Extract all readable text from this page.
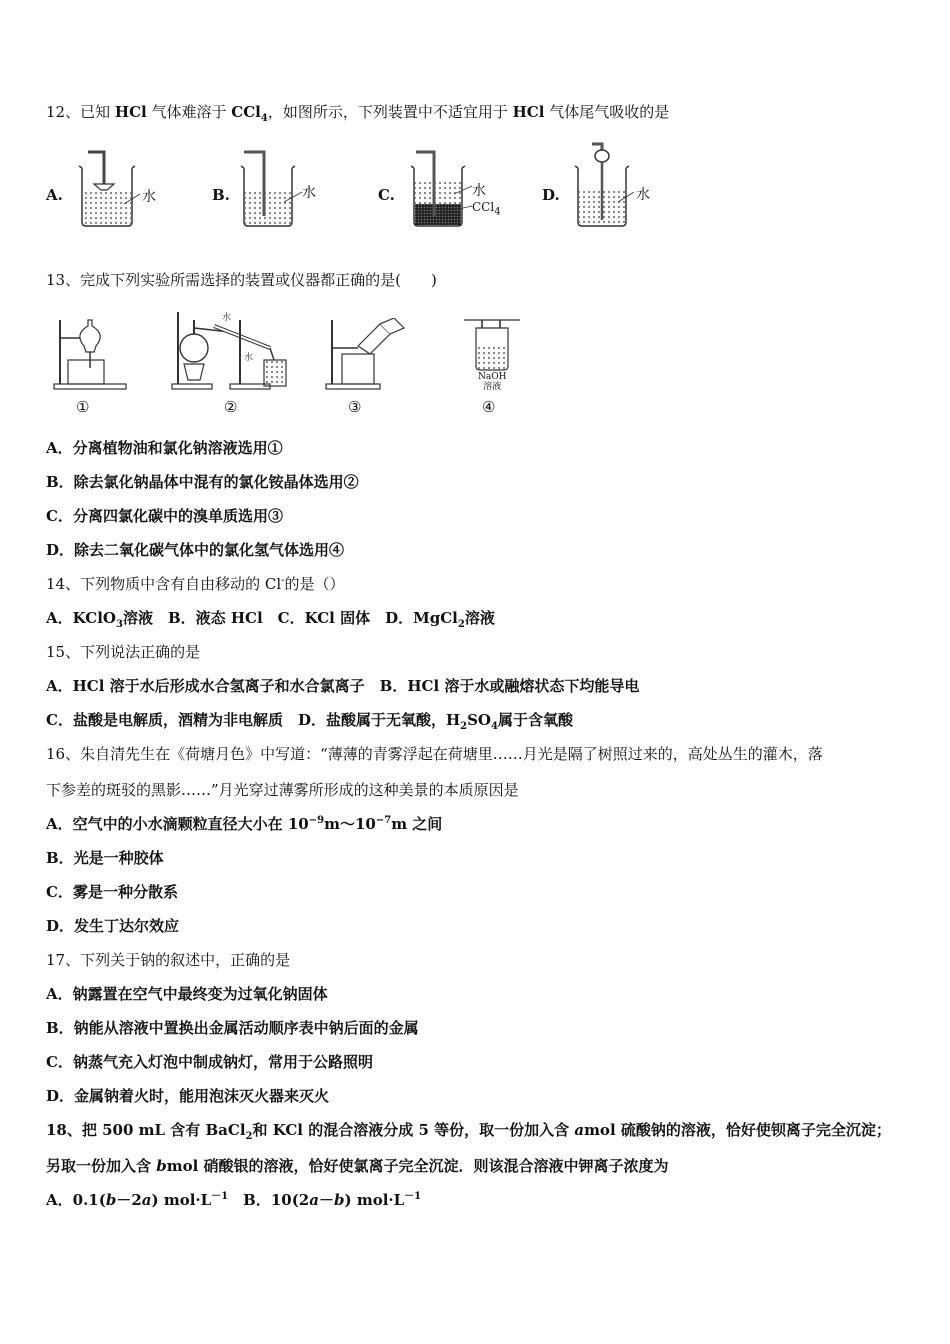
12、已知 HCl 气体难溶于 CCl$_4$，如图所示，下列装置中不适宜用于 HCl 气体尾气吸收的是
A.	B.	C.	D.
水	水	水
CCl$_4$
水
13、完成下列实验所需选择的装置或仪器都正确的是(　　)
①
水
水
②	③
NaOH
溶液
④
A．分离植物油和氯化钠溶液选用①
B．除去氯化钠晶体中混有的氯化铵晶体选用②
C．分离四氯化碳中的溴单质选用③
D．除去二氧化碳气体中的氯化氢气体选用④
14、下列物质中含有自由移动的 Cl-的是（）
A．KClO$_3$溶液　B．液态 HCl　C．KCl 固体　D．MgCl$_2$溶液
15、下列说法正确的是
A．HCl 溶于水后形成水合氢离子和水合氯离子　B．HCl 溶于水或融熔状态下均能导电
C．盐酸是电解质，酒精为非电解质　D．盐酸属于无氧酸，$H_2SO_4$属于含氧酸
16、朱自清先生在《荷塘月色》中写道：“薄薄的青雾浮起在荷塘里……月光是隔了树照过来的，高处丛生的灌木，落
下参差的斑驳的黑影……”月光穿过薄雾所形成的这种美景的本质原因是
A．空气中的小水滴颗粒直径大小在 $10^{-9}m\sim 10^{-7}m$ 之间
B．光是一种胶体
C．雾是一种分散系
D．发生丁达尔效应
17、下列关于钠的叙述中，正确的是
A．钠露置在空气中最终变为过氧化钠固体
B．钠能从溶液中置换出金属活动顺序表中钠后面的金属
C．钠蒸气充入灯泡中制成钠灯，常用于公路照明
D．金属钠着火时，能用泡沫灭火器来灭火
18、把 500 mL 含有 BaCl$_2$和 KCl 的混合溶液分成 5 等份，取一份加入含 amol 硫酸钠的溶液，恰好使钡离子完全沉淀；
另取一份加入含 bmol 硝酸银的溶液，恰好使氯离子完全沉淀．则该混合溶液中钾离子浓度为
A．0.1(b－2a) $mol\cdot L^{-1}$　B．10(2a－b) $mol\cdot L^{-1}$
